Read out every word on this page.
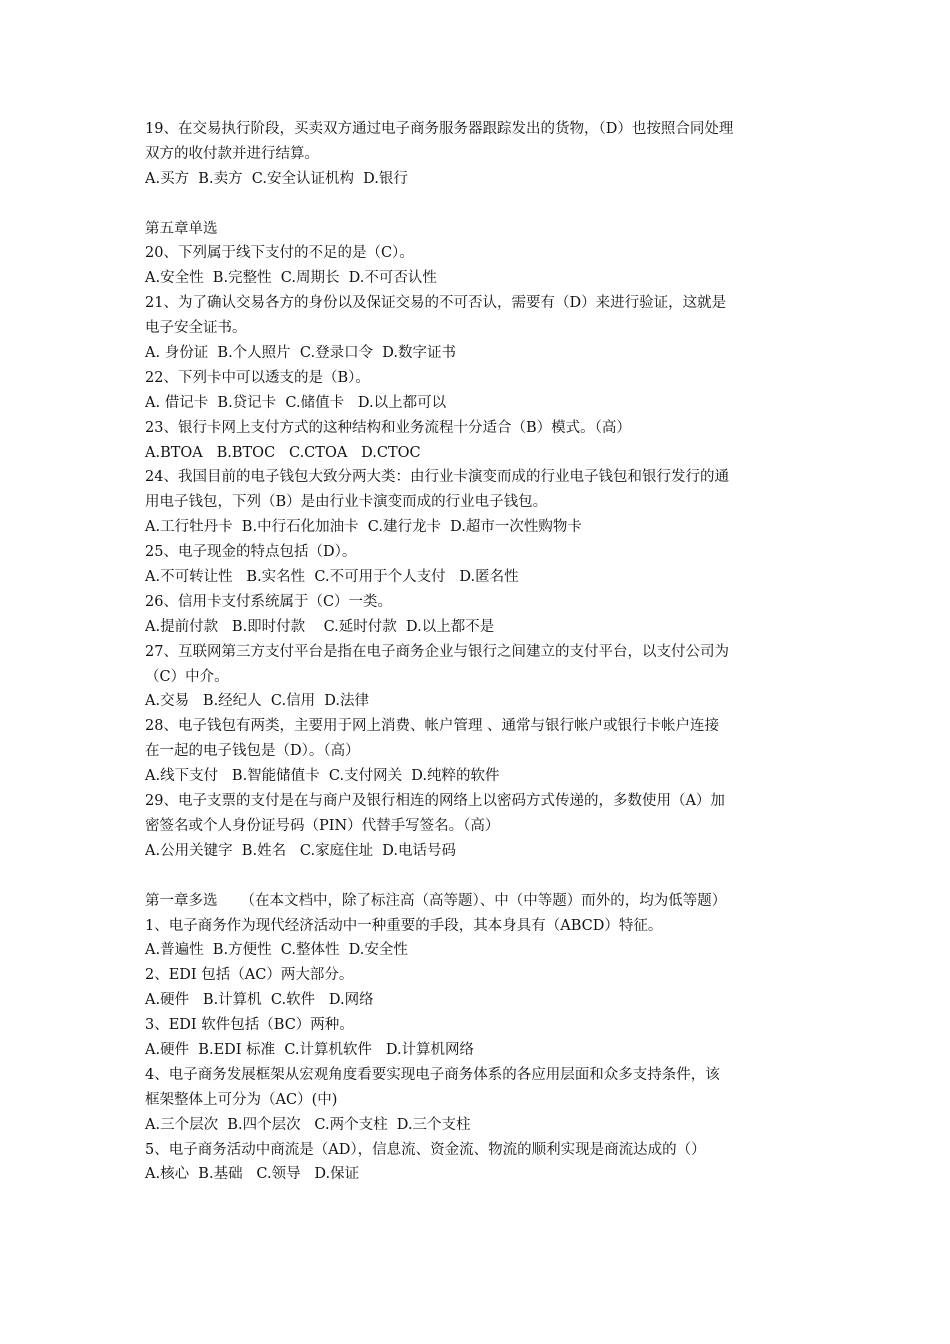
19、在交易执行阶段，买卖双方通过电子商务服务器跟踪发出的货物，（D）也按照合同处理
双方的收付款并进行结算。
A.买方  B.卖方  C.安全认证机构  D.银行
第五章单选
20、下列属于线下支付的不足的是（C）。
A.安全性  B.完整性  C.周期长  D.不可否认性
21、为了确认交易各方的身份以及保证交易的不可否认，需要有（D）来进行验证，这就是
电子安全证书。
A. 身份证  B.个人照片  C.登录口令  D.数字证书
22、下列卡中可以透支的是（B）。
A. 借记卡  B.贷记卡  C.储值卡   D.以上都可以
23、银行卡网上支付方式的这种结构和业务流程十分适合（B）模式。（高）
A.BTOA   B.BTOC   C.CTOA   D.CTOC
24、我国目前的电子钱包大致分两大类：由行业卡演变而成的行业电子钱包和银行发行的通
用电子钱包，下列（B）是由行业卡演变而成的行业电子钱包。
A.工行牡丹卡  B.中行石化加油卡  C.建行龙卡  D.超市一次性购物卡
25、电子现金的特点包括（D）。
A.不可转让性   B.实名性  C.不可用于个人支付   D.匿名性
26、信用卡支付系统属于（C）一类。
A.提前付款   B.即时付款    C.延时付款  D.以上都不是
27、互联网第三方支付平台是指在电子商务企业与银行之间建立的支付平台，以支付公司为
（C）中介。
A.交易   B.经纪人  C.信用  D.法律
28、电子钱包有两类，主要用于网上消费、帐户管理 、通常与银行帐户或银行卡帐户连接
在一起的电子钱包是（D）。（高）
A.线下支付   B.智能储值卡  C.支付网关  D.纯粹的软件
29、电子支票的支付是在与商户及银行相连的网络上以密码方式传递的，多数使用（A）加
密签名或个人身份证号码（PIN）代替手写签名。（高）
A.公用关键字  B.姓名   C.家庭住址  D.电话号码
第一章多选     （在本文档中，除了标注高（高等题）、中（中等题）而外的，均为低等题）
1、电子商务作为现代经济活动中一种重要的手段，其本身具有（ABCD）特征。
A.普遍性  B.方便性  C.整体性  D.安全性
2、EDI 包括（AC）两大部分。
A.硬件   B.计算机  C.软件   D.网络
3、EDI 软件包括（BC）两种。
A.硬件  B.EDI 标准  C.计算机软件   D.计算机网络
4、电子商务发展框架从宏观角度看要实现电子商务体系的各应用层面和众多支持条件，该
框架整体上可分为（AC）(中)
A.三个层次  B.四个层次   C.两个支柱  D.三个支柱
5、电子商务活动中商流是（AD），信息流、资金流、物流的顺利实现是商流达成的（）
A.核心  B.基础   C.领导   D.保证
